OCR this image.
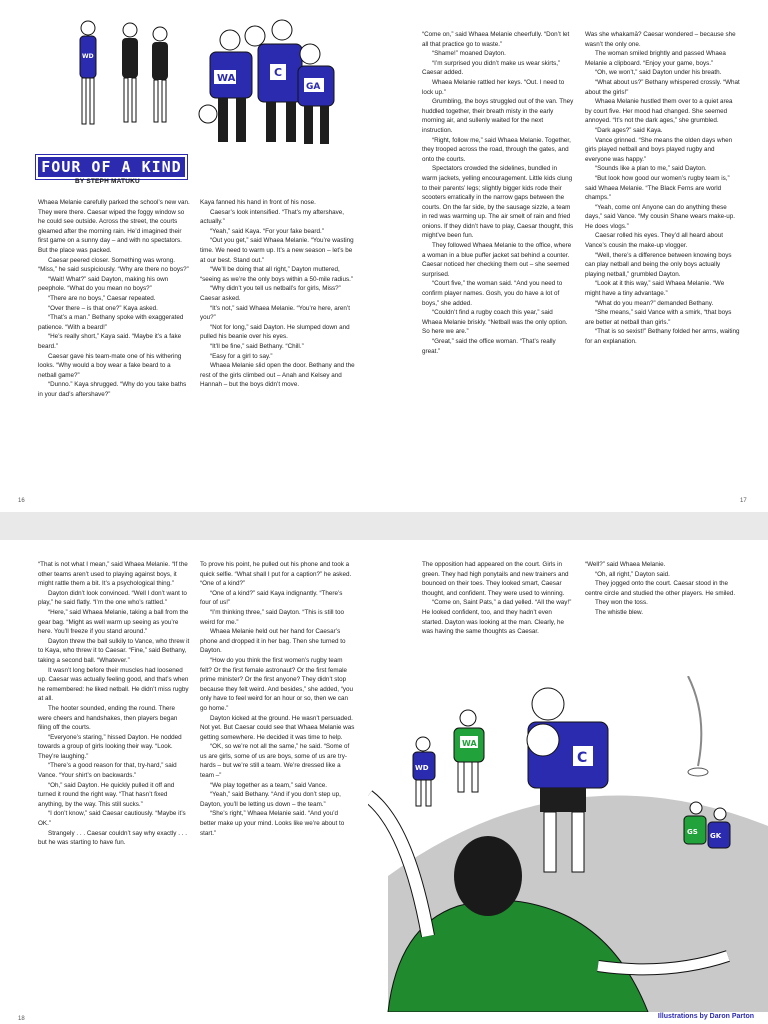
WD
WA	C
GA
FOUR OF A KIND
BY STEPH MATUKU

Whaea Melanie carefully parked the school’s new van. They were there. Caesar wiped the foggy window so he could see outside. Across the street, the courts gleamed after the morning rain. He’d imagined their first game on a sunny day – and with no spectators. But the place was packed.

Caesar peered closer. Something was wrong. “Miss,” he said suspiciously. “Why are there no boys?”

“Wait! What?” said Dayton, making his own peephole. “What do you mean no boys?”

“There are no boys,” Caesar repeated.

“Over there – is that one?” Kaya asked.

“That’s a man.” Bethany spoke with exaggerated patience. “With a beard!”

“He’s really short,” Kaya said. “Maybe it’s a fake beard.”

Caesar gave his team-mate one of his withering looks. “Why would a boy wear a fake beard to a netball game?”

“Dunno.” Kaya shrugged. “Why do you take baths in your dad’s aftershave?”

Kaya fanned his hand in front of his nose.

Caesar’s look intensified. “That’s my aftershave, actually.”

“Yeah,” said Kaya. “For your fake beard.”

“Out you get,” said Whaea Melanie. “You’re wasting time. We need to warm up. It’s a new season – let’s be at our best. Stand out.”

“We’ll be doing that all right,” Dayton muttered, “seeing as we’re the only boys within a 50-mile radius.”

“Why didn’t you tell us netball’s for girls, Miss?” Caesar asked.

“It’s not,” said Whaea Melanie. “You’re here, aren’t you?”

“Not for long,” said Dayton. He slumped down and pulled his beanie over his eyes.

“It’ll be fine,” said Bethany. “Chill.”

“Easy for a girl to say.”

Whaea Melanie slid open the door. Bethany and the rest of the girls climbed out – Anah and Kelsey and Hannah – but the boys didn’t move.

“Come on,” said Whaea Melanie cheerfully. “Don’t let all that practice go to waste.”

“Shame!” moaned Dayton.

“I’m surprised you didn’t make us wear skirts,” Caesar added.

Whaea Melanie rattled her keys. “Out. I need to lock up.”

Grumbling, the boys struggled out of the van. They huddled together, their breath misty in the early morning air, and sullenly waited for the next instruction.

“Right, follow me,” said Whaea Melanie. Together, they trooped across the road, through the gates, and onto the courts.

Spectators crowded the sidelines, bundled in warm jackets, yelling encouragement. Little kids clung to their parents’ legs; slightly bigger kids rode their scooters erratically in the narrow gaps between the courts. On the far side, by the sausage sizzle, a team in red was warming up. The air smelt of rain and fried onions. If they didn’t have to play, Caesar thought, this might’ve been fun.

They followed Whaea Melanie to the office, where a woman in a blue puffer jacket sat behind a counter. Caesar noticed her checking them out – she seemed surprised.

“Court five,” the woman said. “And you need to confirm player names. Gosh, you do have a lot of boys,” she added.

“Couldn’t find a rugby coach this year,” said Whaea Melanie briskly. “Netball was the only option. So here we are.”

“Great,” said the office woman. “That’s really great.”

Was she whakamā? Caesar wondered – because she wasn’t the only one.

The woman smiled brightly and passed Whaea Melanie a clipboard. “Enjoy your game, boys.”

“Oh, we won’t,” said Dayton under his breath.

“What about us?” Bethany whispered crossly. “What about the girls!”

Whaea Melanie hustled them over to a quiet area by court five. Her mood had changed. She seemed annoyed. “It’s not the dark ages,” she grumbled.

“Dark ages?” said Kaya.

Vance grinned. “She means the olden days when girls played netball and boys played rugby and everyone was happy.”

“Sounds like a plan to me,” said Dayton.

“But look how good our women’s rugby team is,” said Whaea Melanie. “The Black Ferns are world champs.”

“Yeah, come on! Anyone can do anything these days,” said Vance. “My cousin Shane wears make-up. He does vlogs.”

Caesar rolled his eyes. They’d all heard about Vance’s cousin the make-up vlogger.

“Well, there’s a difference between knowing boys can play netball and being the only boys actually playing netball,” grumbled Dayton.

“Look at it this way,” said Whaea Melanie. “We might have a tiny advantage.”

“What do you mean?” demanded Bethany.

“She means,” said Vance with a smirk, “that boys are better at netball than girls.”

“That is so sexist!” Bethany folded her arms, waiting for an explanation.

16	17

“That is not what I mean,” said Whaea Melanie. “If the other teams aren’t used to playing against boys, it might rattle them a bit. It’s a psychological thing.”

Dayton didn’t look convinced. “Well I don’t want to play,” he said flatly. “I’m the one who’s rattled.”

“Here,” said Whaea Melanie, taking a ball from the gear bag. “Might as well warm up seeing as you’re here. You’ll freeze if you stand around.”

Dayton threw the ball sulkily to Vance, who threw it to Kaya, who threw it to Caesar. “Fine,” said Bethany, taking a second ball. “Whatever.”

It wasn’t long before their muscles had loosened up. Caesar was actually feeling good, and that’s when he remembered: he liked netball. He didn’t miss rugby at all.

The hooter sounded, ending the round. There were cheers and handshakes, then players began filing off the courts.

“Everyone’s staring,” hissed Dayton. He nodded towards a group of girls looking their way. “Look. They’re laughing.”

“There’s a good reason for that, try-hard,” said Vance. “Your shirt’s on backwards.”

“Oh,” said Dayton. He quickly pulled it off and turned it round the right way. “That hasn’t fixed anything, by the way. This still sucks.”

“I don’t know,” said Caesar cautiously. “Maybe it’s OK.”

Strangely . . . Caesar couldn’t say why exactly . . . but he was starting to have fun.

To prove his point, he pulled out his phone and took a quick selfie. “What shall I put for a caption?” he asked. “One of a kind?”

“One of a kind?” said Kaya indignantly. “There’s four of us!”

“I’m thinking three,” said Dayton. “This is still too weird for me.”

Whaea Melanie held out her hand for Caesar’s phone and dropped it in her bag. Then she turned to Dayton.

“How do you think the first women’s rugby team felt? Or the first female astronaut? Or the first female prime minister? Or the first anyone? They didn’t stop because they felt weird. And besides,” she added, “you only have to feel weird for an hour or so, then we can go home.”

Dayton kicked at the ground. He wasn’t persuaded. Not yet. But Caesar could see that Whaea Melanie was getting somewhere. He decided it was time to help.

“OK, so we’re not all the same,” he said. “Some of us are girls, some of us are boys, some of us are try-hards – but we’re still a team. We’re dressed like a team –”

“We play together as a team,” said Vance.

“Yeah,” said Bethany. “And if you don’t step up, Dayton, you’ll be letting us down – the team.”

“She’s right,” Whaea Melanie said. “And you’d better make up your mind. Looks like we’re about to start.”

The opposition had appeared on the court. Girls in green. They had high ponytails and new trainers and bounced on their toes. They looked smart, Caesar thought, and confident. They were used to winning.

“Come on, Saint Pats,” a dad yelled. “All the way!” He looked confident, too, and they hadn’t even started. Dayton was looking at the man. Clearly, he was having the same thoughts as Caesar.

“Well?” said Whaea Melanie.

“Oh, all right,” Dayton said.

They jogged onto the court. Caesar stood in the centre circle and studied the other players. He smiled.

They won the toss.

The whistle blew.

WD
WA
C
GS GK
Illustrations by Daron Parton
18
